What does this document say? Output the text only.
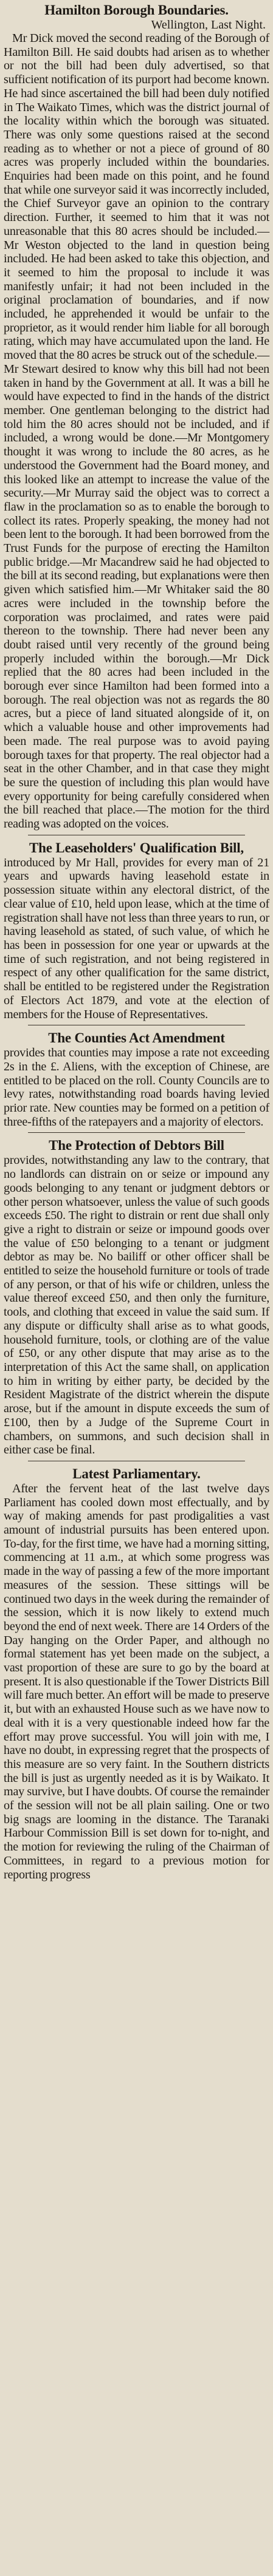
Hamilton Borough Boundaries.

Wellington, Last Night.

Mr Dick moved the second reading of the Borough of Hamilton Bill. He said doubts had arisen as to whether or not the bill had been duly advertised, so that sufficient notification of its purport had become known. He had since ascertained the bill had been duly notified in The Waikato Times, which was the district journal of the locality within which the borough was situated. There was only some questions raised at the second reading as to whether or not a piece of ground of 80 acres was properly included within the boundaries. Enquiries had been made on this point, and he found that while one surveyor said it was incorrectly included, the Chief Surveyor gave an opinion to the contrary direction. Further, it seemed to him that it was not unreasonable that this 80 acres should be included.—Mr Weston objected to the land in question being included. He had been asked to take this objection, and it seemed to him the proposal to include it was manifestly unfair; it had not been included in the original proclamation of boundaries, and if now included, he apprehended it would be unfair to the proprietor, as it would render him liable for all borough rating, which may have accumulated upon the land. He moved that the 80 acres be struck out of the schedule.—Mr Stewart desired to know why this bill had not been taken in hand by the Government at all. It was a bill he would have expected to find in the hands of the district member. One gentleman belonging to the district had told him the 80 acres should not be included, and if included, a wrong would be done.—Mr Montgomery thought it was wrong to include the 80 acres, as he understood the Government had the Board money, and this looked like an attempt to increase the value of the security.—Mr Murray said the object was to correct a flaw in the proclamation so as to enable the borough to collect its rates. Properly speaking, the money had not been lent to the borough. It had been borrowed from the Trust Funds for the purpose of erecting the Hamilton public bridge.—Mr Macandrew said he had objected to the bill at its second reading, but explanations were then given which satisfied him.—Mr Whitaker said the 80 acres were included in the township before the corporation was proclaimed, and rates were paid thereon to the township. There had never been any doubt raised until very recently of the ground being properly included within the borough.—Mr Dick replied that the 80 acres had been included in the borough ever since Hamilton had been formed into a borough. The real objection was not as regards the 80 acres, but a piece of land situated alongside of it, on which a valuable house and other improvements had been made. The real purpose was to avoid paying borough taxes for that property. The real objector had a seat in the other Chamber, and in that case they might be sure the question of including this plan would have every opportunity for being carefully considered when the bill reached that place.—The motion for the third reading was adopted on the voices.

The Leaseholders' Qualification Bill,

introduced by Mr Hall, provides for every man of 21 years and upwards having leasehold estate in possession situate within any electoral district, of the clear value of £10, held upon lease, which at the time of registration shall have not less than three years to run, or having leasehold as stated, of such value, of which he has been in possession for one year or upwards at the time of such registration, and not being registered in respect of any other qualification for the same district, shall be entitled to be registered under the Registration of Electors Act 1879, and vote at the election of members for the House of Representatives.

The Counties Act Amendment

provides that counties may impose a rate not exceeding 2s in the £. Aliens, with the exception of Chinese, are entitled to be placed on the roll. County Councils are to levy rates, notwithstanding road boards having levied prior rate. New counties may be formed on a petition of three-fifths of the ratepayers and a majority of electors.

The Protection of Debtors Bill

provides, notwithstanding any law to the contrary, that no landlords can distrain on or seize or impound any goods belonging to any tenant or judgment debtors or other person whatsoever, unless the value of such goods exceeds £50. The right to distrain or rent due shall only give a right to distrain or seize or impound goods over the value of £50 belonging to a tenant or judgment debtor as may be. No bailiff or other officer shall be entitled to seize the household furniture or tools of trade of any person, or that of his wife or children, unless the value thereof exceed £50, and then only the furniture, tools, and clothing that exceed in value the said sum. If any dispute or difficulty shall arise as to what goods, household furniture, tools, or clothing are of the value of £50, or any other dispute that may arise as to the interpretation of this Act the same shall, on application to him in writing by either party, be decided by the Resident Magistrate of the district wherein the dispute arose, but if the amount in dispute exceeds the sum of £100, then by a Judge of the Supreme Court in chambers, on summons, and such decision shall in either case be final.

Latest Parliamentary.

After the fervent heat of the last twelve days Parliament has cooled down most effectually, and by way of making amends for past prodigalities a vast amount of industrial pursuits has been entered upon. To-day, for the first time, we have had a morning sitting, commencing at 11 a.m., at which some progress was made in the way of passing a few of the more important measures of the session. These sittings will be continued two days in the week during the remainder of the session, which it is now likely to extend much beyond the end of next week. There are 14 Orders of the Day hanging on the Order Paper, and although no formal statement has yet been made on the subject, a vast proportion of these are sure to go by the board at present. It is also questionable if the Tower Districts Bill will fare much better. An effort will be made to preserve it, but with an exhausted House such as we have now to deal with it is a very questionable indeed how far the effort may prove successful. You will join with me, I have no doubt, in expressing regret that the prospects of this measure are so very faint. In the Southern districts the bill is just as urgently needed as it is by Waikato. It may survive, but I have doubts. Of course the remainder of the session will not be all plain sailing. One or two big snags are looming in the distance. The Taranaki Harbour Commission Bill is set down for to-night, and the motion for reviewing the ruling of the Chairman of Committees, in regard to a previous motion for reporting progress
